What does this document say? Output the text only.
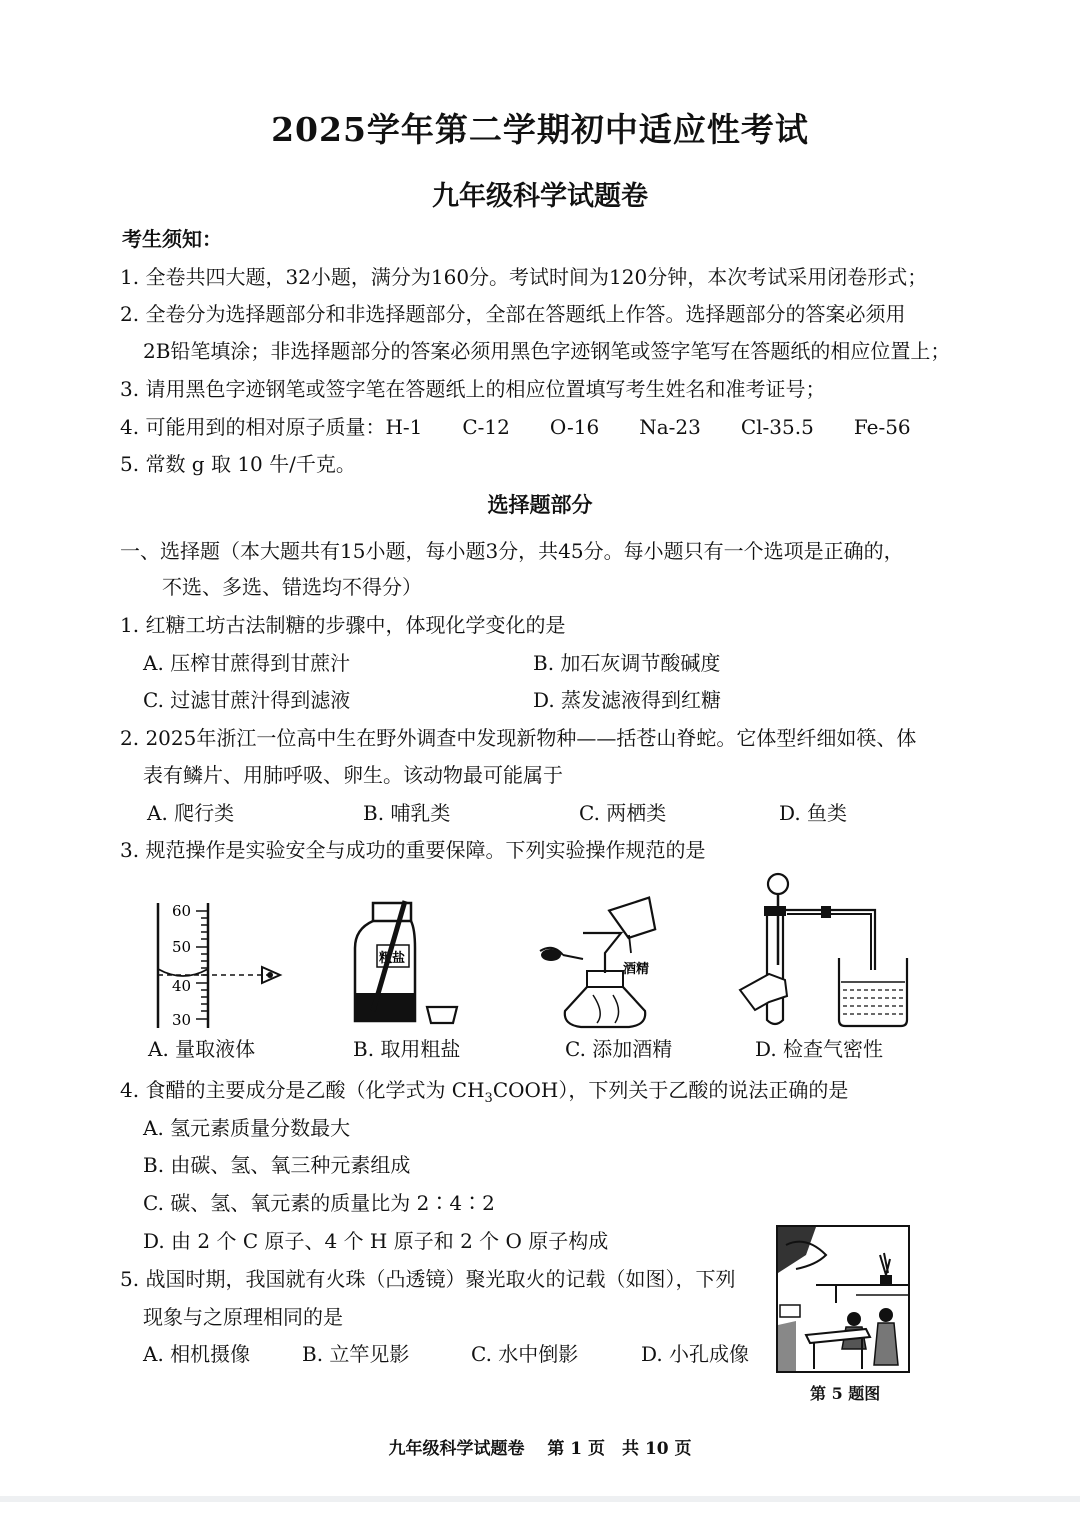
2025学年第二学期初中适应性考试
九年级科学试题卷
考生须知：
1. 全卷共四大题，32小题，满分为160分。考试时间为120分钟，本次考试采用闭卷形式；
2. 全卷分为选择题部分和非选择题部分，全部在答题纸上作答。选择题部分的答案必须用
2B铅笔填涂；非选择题部分的答案必须用黑色字迹钢笔或签字笔写在答题纸的相应位置上；
3. 请用黑色字迹钢笔或签字笔在答题纸上的相应位置填写考生姓名和准考证号；
4. 可能用到的相对原子质量：H-1　　C-12　　O-16　　Na-23　　Cl-35.5　　Fe-56
5. 常数 g 取 10 牛/千克。
选择题部分
一、选择题（本大题共有15小题，每小题3分，共45分。每小题只有一个选项是正确的，
不选、多选、错选均不得分）
1. 红糖工坊古法制糖的步骤中，体现化学变化的是
A. 压榨甘蔗得到甘蔗汁	B. 加石灰调节酸碱度
C. 过滤甘蔗汁得到滤液	D. 蒸发滤液得到红糖
2. 2025年浙江一位高中生在野外调查中发现新物种——括苍山脊蛇。它体型纤细如筷、体
表有鳞片、用肺呼吸、卵生。该动物最可能属于
A. 爬行类	B. 哺乳类	C. 两栖类	D. 鱼类
3. 规范操作是实验安全与成功的重要保障。下列实验操作规范的是
60
50
40
30
A. 量取液体
粗盐
B. 取用粗盐
酒精
C. 添加酒精	D. 检查气密性
4. 食醋的主要成分是乙酸（化学式为 $CH_3COOH$），下列关于乙酸的说法正确的是
A. 氢元素质量分数最大
B. 由碳、氢、氧三种元素组成
C. 碳、氢、氧元素的质量比为 2∶4∶2
D. 由 2 个 C 原子、4 个 H 原子和 2 个 O 原子构成
5. 战国时期，我国就有火珠（凸透镜）聚光取火的记载（如图），下列
现象与之原理相同的是
A. 相机摄像	B. 立竿见影	C. 水中倒影	D. 小孔成像
第 5 题图
九年级科学试题卷　 第 1 页　共 10 页
